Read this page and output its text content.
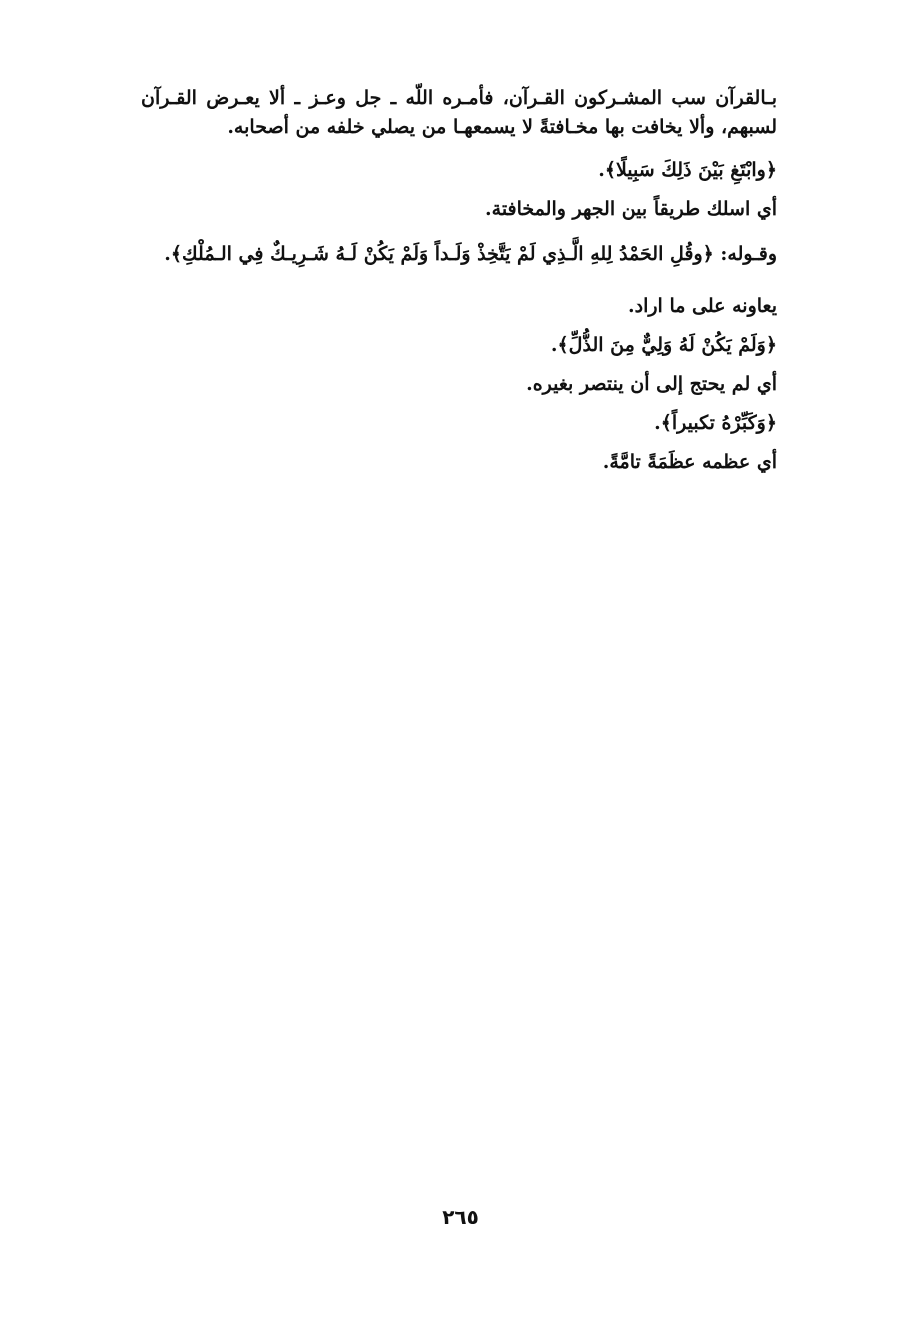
بـالقرآن سب المشـركون القـرآن، فأمـره اللّه ـ جل وعـز ـ ألا يعـرض القـرآن
لسبهم، وألا يخافت بها مخـافتةً لا يسمعهـا من يصلي خلفه من أصحابه.
﴿وابْتَغِ بَيْنَ ذَلِكَ سَبِيلًا﴾.
أي اسلك طريقاً بين الجهر والمخافتة.
وقـوله: ﴿وقُلِ الحَمْدُ لِلهِ الَّـذِي لَمْ يَتَّخِذْ وَلَـداً وَلَمْ يَكُنْ لَـهُ شَـرِيـكٌ فِي الـمُلْكِ﴾.
يعاونه على ما اراد.
﴿وَلَمْ يَكُنْ لَهُ وَلِيٌّ مِنَ الذُّلِّ﴾.
أي لم يحتج إلى أن ينتصر بغيره.
﴿وَكَبِّرْهُ تكبيراً﴾.
أي عظمه عظَمَةً تامَّةً.
٢٦٥
